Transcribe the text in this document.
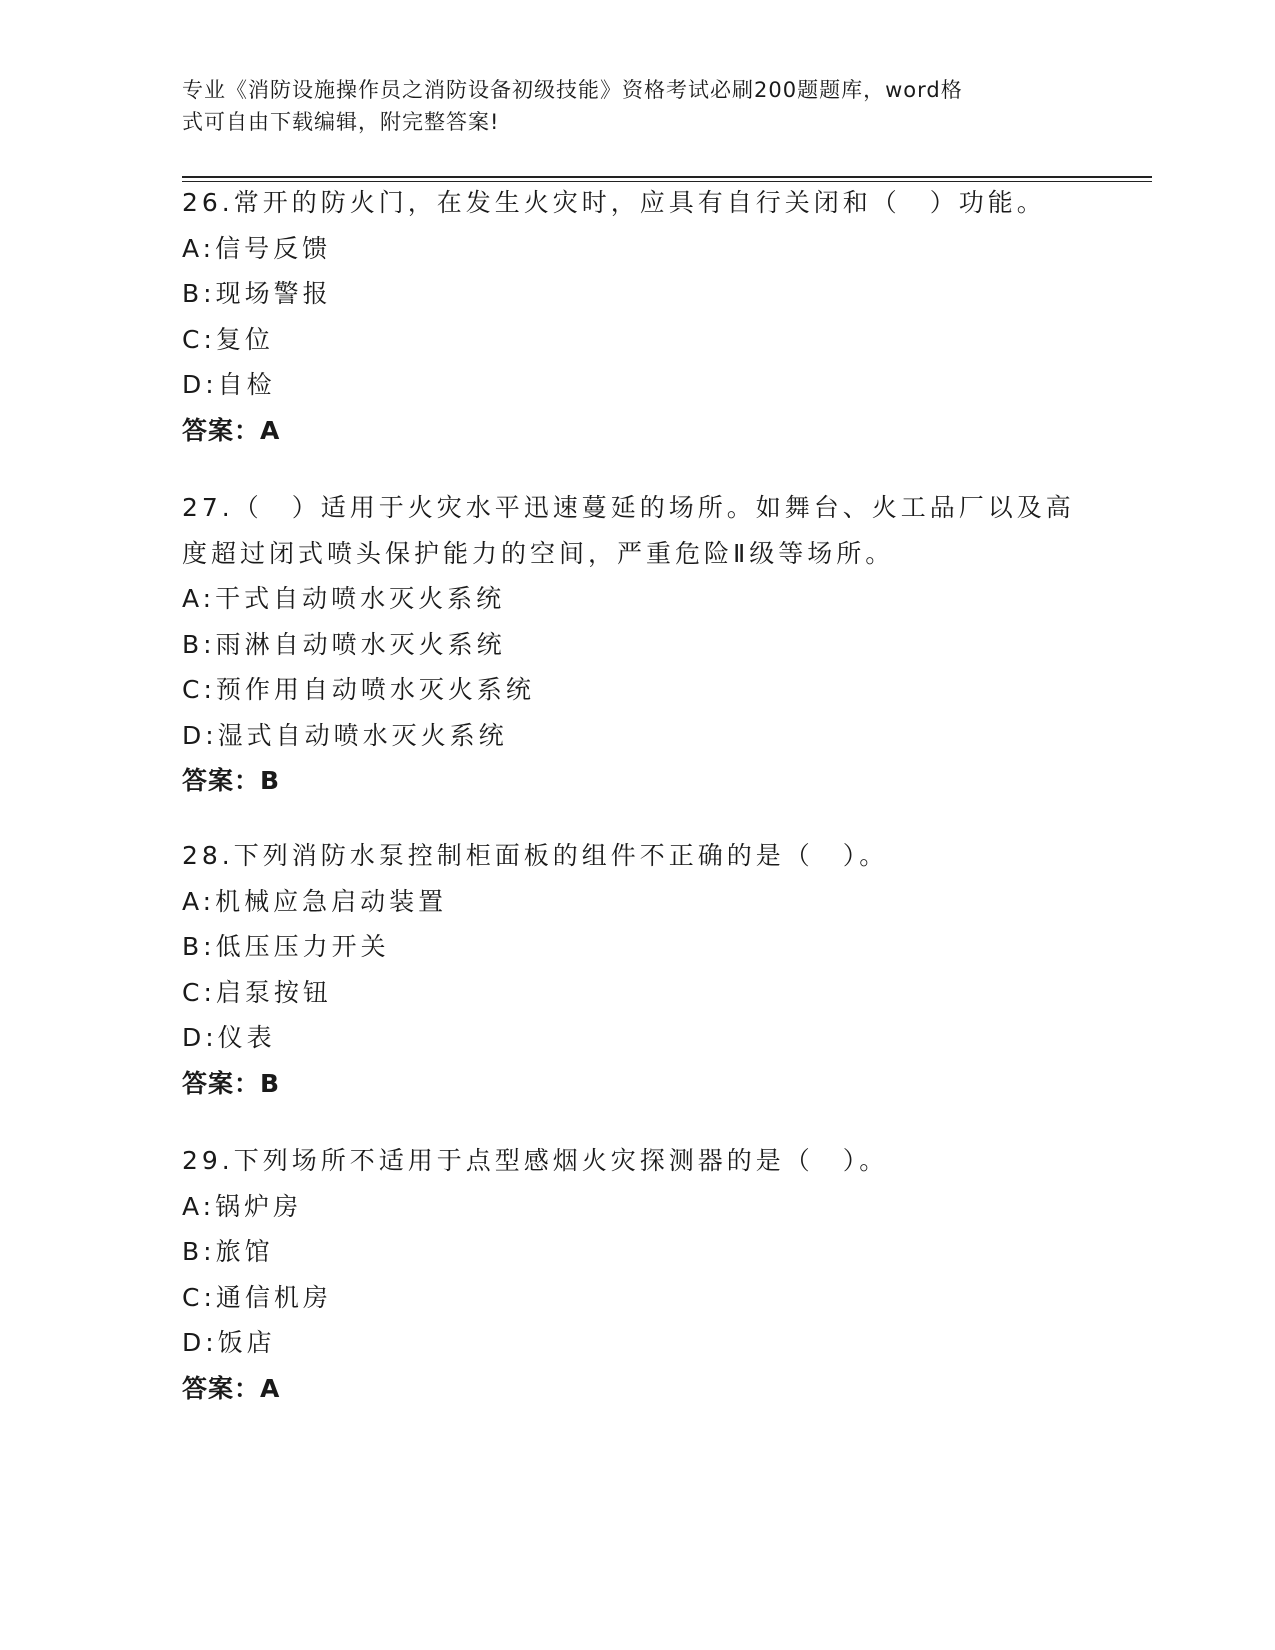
专业《消防设施操作员之消防设备初级技能》资格考试必刷200题题库，word格
式可自由下载编辑，附完整答案!
26.常开的防火门，在发生火灾时，应具有自行关闭和（　）功能。
A:信号反馈
B:现场警报
C:复位
D:自检
答案：A
27.（　）适用于火灾水平迅速蔓延的场所。如舞台、火工品厂以及高
度超过闭式喷头保护能力的空间，严重危险Ⅱ级等场所。
A:干式自动喷水灭火系统
B:雨淋自动喷水灭火系统
C:预作用自动喷水灭火系统
D:湿式自动喷水灭火系统
答案：B
28.下列消防水泵控制柜面板的组件不正确的是（　）。
A:机械应急启动装置
B:低压压力开关
C:启泵按钮
D:仪表
答案：B
29.下列场所不适用于点型感烟火灾探测器的是（　）。
A:锅炉房
B:旅馆
C:通信机房
D:饭店
答案：A
